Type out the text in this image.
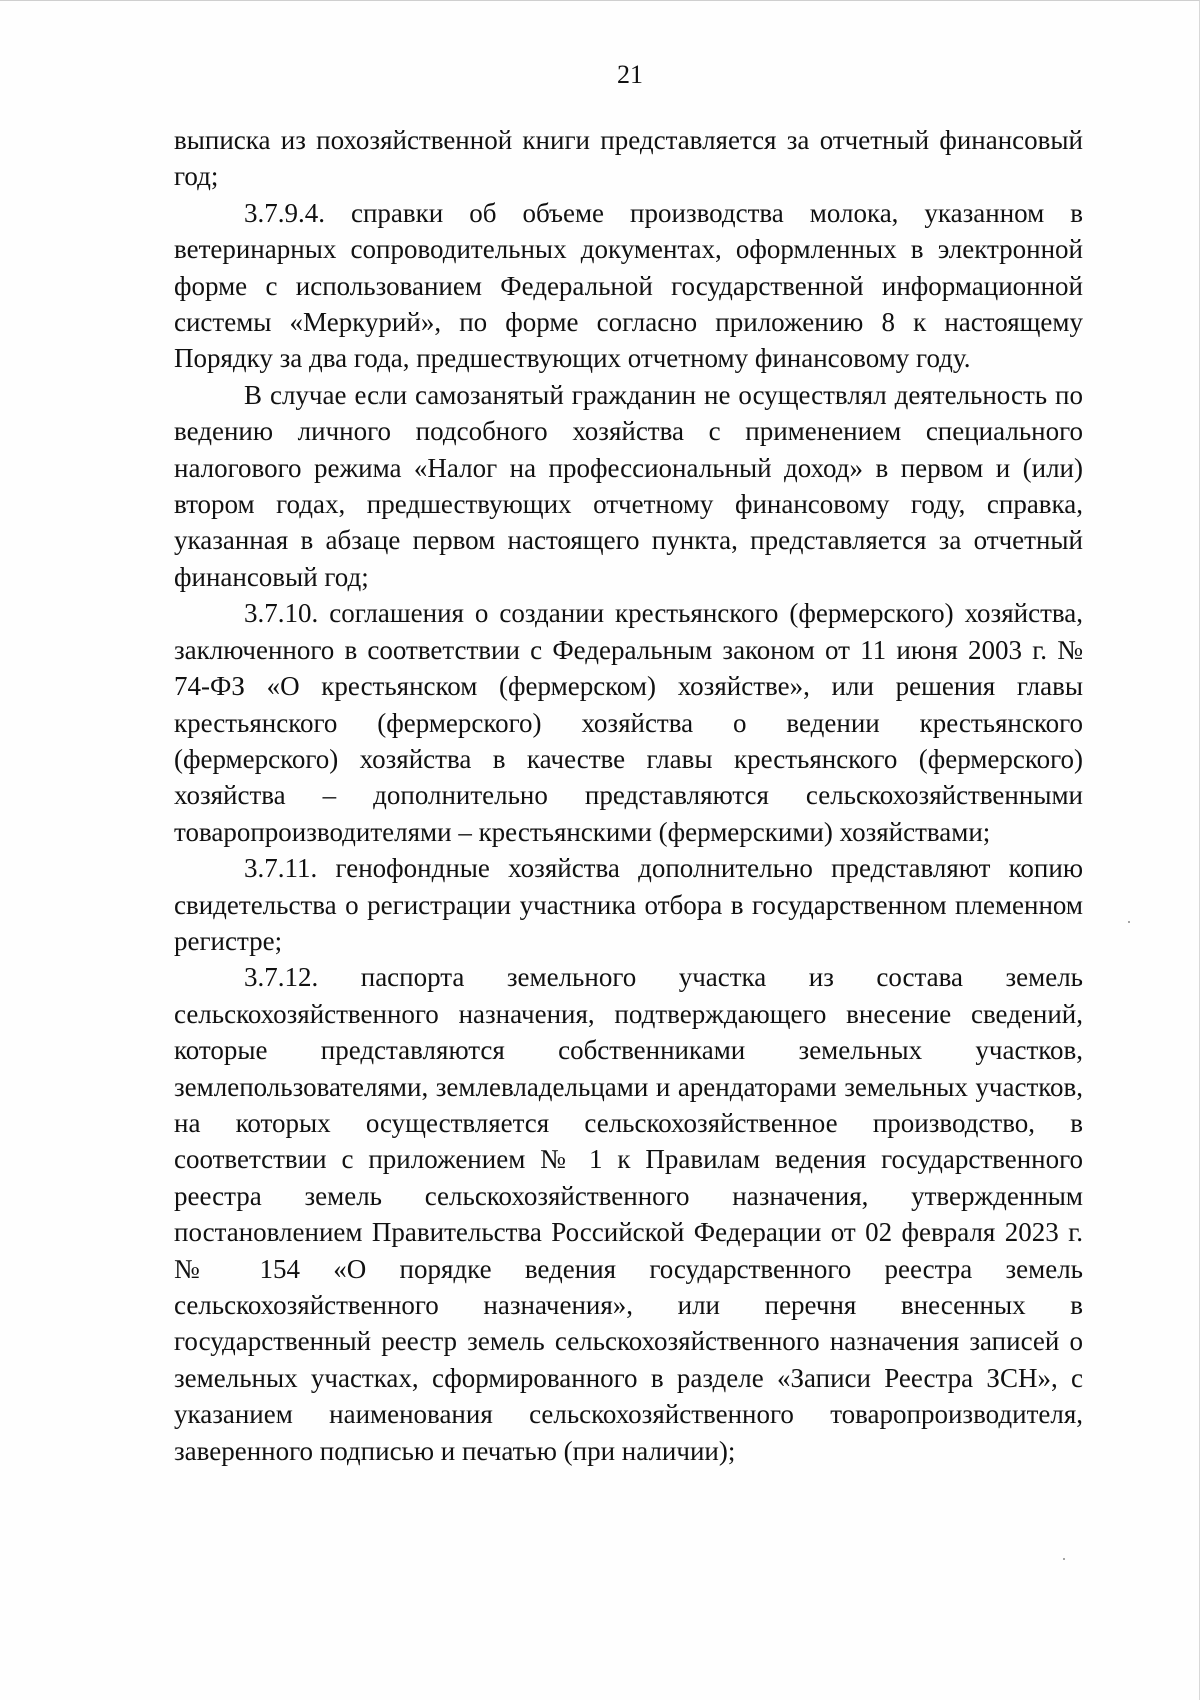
21

выписка из похозяйственной книги представляется за отчетный финансовый год;

3.7.9.4. справки об объеме производства молока, указанном в ветеринарных сопроводительных документах, оформленных в электронной форме с использованием Федеральной государственной информационной системы «Меркурий», по форме согласно приложению 8 к настоящему Порядку за два года, предшествующих отчетному финансовому году.

В случае если самозанятый гражданин не осуществлял деятельность по ведению личного подсобного хозяйства с применением специального налогового режима «Налог на профессиональный доход» в первом и (или) втором годах, предшествующих отчетному финансовому году, справка, указанная в абзаце первом настоящего пункта, представляется за отчетный финансовый год;

3.7.10. соглашения о создании крестьянского (фермерского) хозяйства, заключенного в соответствии с Федеральным законом от 11 июня 2003 г. № 74-ФЗ «О крестьянском (фермерском) хозяйстве», или решения главы крестьянского (фермерского) хозяйства о ведении крестьянского (фермерского) хозяйства в качестве главы крестьянского (фермерского) хозяйства – дополнительно представляются сельскохозяйственными товаропроизводителями – крестьянскими (фермерскими) хозяйствами;

3.7.11. генофондные хозяйства дополнительно представляют копию свидетельства о регистрации участника отбора в государственном племенном регистре;

3.7.12. паспорта земельного участка из состава земель сельскохозяйственного назначения, подтверждающего внесение сведений, которые представляются собственниками земельных участков, землепользователями, землевладельцами и арендаторами земельных участков, на которых осуществляется сельскохозяйственное производство, в соответствии с приложением № 1 к Правилам ведения государственного реестра земель сельскохозяйственного назначения, утвержденным постановлением Правительства Российской Федерации от 02 февраля 2023 г. № 154 «О порядке ведения государственного реестра земель сельскохозяйственного назначения», или перечня внесенных в государственный реестр земель сельскохозяйственного назначения записей о земельных участках, сформированного в разделе «Записи Реестра ЗСН», с указанием наименования сельскохозяйственного товаропроизводителя, заверенного подписью и печатью (при наличии);
